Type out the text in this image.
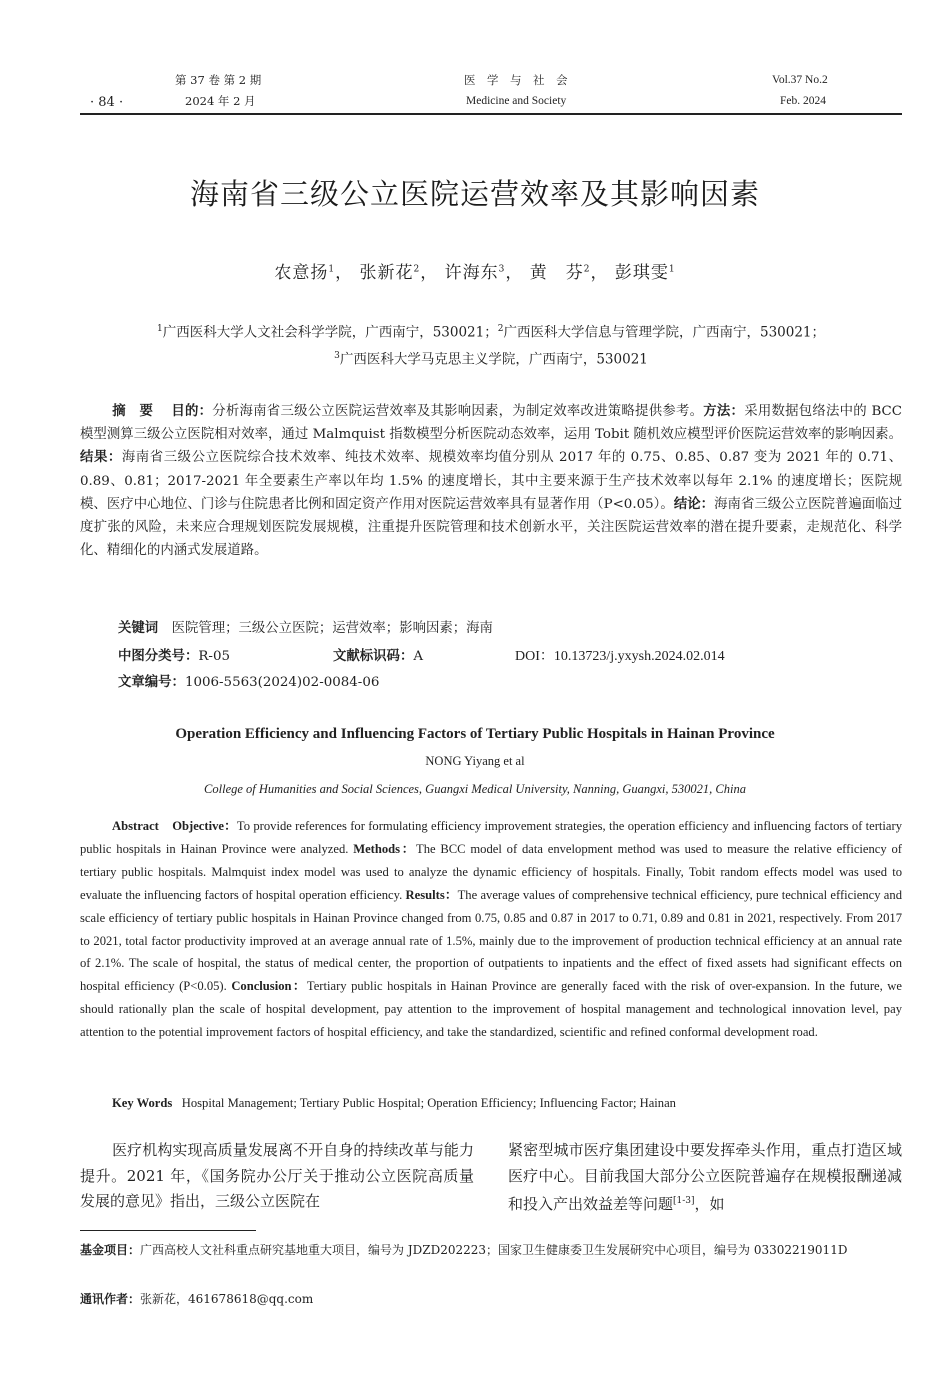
· 84 ·
第 37 卷 第 2 期
2024 年 2 月
医　学　与　社　会
Medicine and Society
Vol.37 No.2
Feb. 2024
海南省三级公立医院运营效率及其影响因素
农意扬$^1$， 张新花$^2$， 许海东$^3$， 黄　芬$^2$， 彭琪雯$^1$
$^1$广西医科大学人文社会科学学院，广西南宁，530021；$^2$广西医科大学信息与管理学院，广西南宁，530021；
$^3$广西医科大学马克思主义学院，广西南宁，530021
摘　要　 目的：分析海南省三级公立医院运营效率及其影响因素，为制定效率改进策略提供参考。方法：采用数据包络法中的 BCC 模型测算三级公立医院相对效率，通过 Malmquist 指数模型分析医院动态效率，运用 Tobit 随机效应模型评价医院运营效率的影响因素。结果：海南省三级公立医院综合技术效率、纯技术效率、规模效率均值分别从 2017 年的 0.75、0.85、0.87 变为 2021 年的 0.71、0.89、0.81；2017-2021 年全要素生产率以年均 1.5% 的速度增长，其中主要来源于生产技术效率以每年 2.1% 的速度增长；医院规模、医疗中心地位、门诊与住院患者比例和固定资产作用对医院运营效率具有显著作用（P<0.05）。结论：海南省三级公立医院普遍面临过度扩张的风险，未来应合理规划医院发展规模，注重提升医院管理和技术创新水平，关注医院运营效率的潜在提升要素，走规范化、科学化、精细化的内涵式发展道路。
关键词　 医院管理；三级公立医院；运营效率；影响因素；海南
中图分类号：R-05	文献标识码：A	DOI：10.13723/j.yxysh.2024.02.014
文章编号：1006-5563(2024)02-0084-06
Operation Efficiency and Influencing Factors of Tertiary Public Hospitals in Hainan Province
NONG Yiyang et al
College of Humanities and Social Sciences, Guangxi Medical University, Nanning, Guangxi, 530021, China
Abstract Objective：To provide references for formulating efficiency improvement strategies, the operation efficiency and influencing factors of tertiary public hospitals in Hainan Province were analyzed. Methods：The BCC model of data envelopment method was used to measure the relative efficiency of tertiary public hospitals. Malmquist index model was used to analyze the dynamic efficiency of hospitals. Finally, Tobit random effects model was used to evaluate the influencing factors of hospital operation efficiency. Results：The average values of comprehensive technical efficiency, pure technical efficiency and scale efficiency of tertiary public hospitals in Hainan Province changed from 0.75, 0.85 and 0.87 in 2017 to 0.71, 0.89 and 0.81 in 2021, respectively. From 2017 to 2021, total factor productivity improved at an average annual rate of 1.5%, mainly due to the improvement of production technical efficiency at an annual rate of 2.1%. The scale of hospital, the status of medical center, the proportion of outpatients to inpatients and the effect of fixed assets had significant effects on hospital efficiency (P<0.05). Conclusion：Tertiary public hospitals in Hainan Province are generally faced with the risk of over-expansion. In the future, we should rationally plan the scale of hospital development, pay attention to the improvement of hospital management and technological innovation level, pay attention to the potential improvement factors of hospital efficiency, and take the standardized, scientific and refined conformal development road.
Key Words Hospital Management; Tertiary Public Hospital; Operation Efficiency; Influencing Factor; Hainan
医疗机构实现高质量发展离不开自身的持续改革与能力提升。2021 年，《国务院办公厅关于推动公立医院高质量发展的意见》指出，三级公立医院在
紧密型城市医疗集团建设中要发挥牵头作用，重点打造区域医疗中心。目前我国大部分公立医院普遍存在规模报酬递减和投入产出效益差等问题[1-3]，如
基金项目：广西高校人文社科重点研究基地重大项目，编号为 JDZD202223；国家卫生健康委卫生发展研究中心项目，编号为 03302219011D
通讯作者：张新花，461678618@qq.com
